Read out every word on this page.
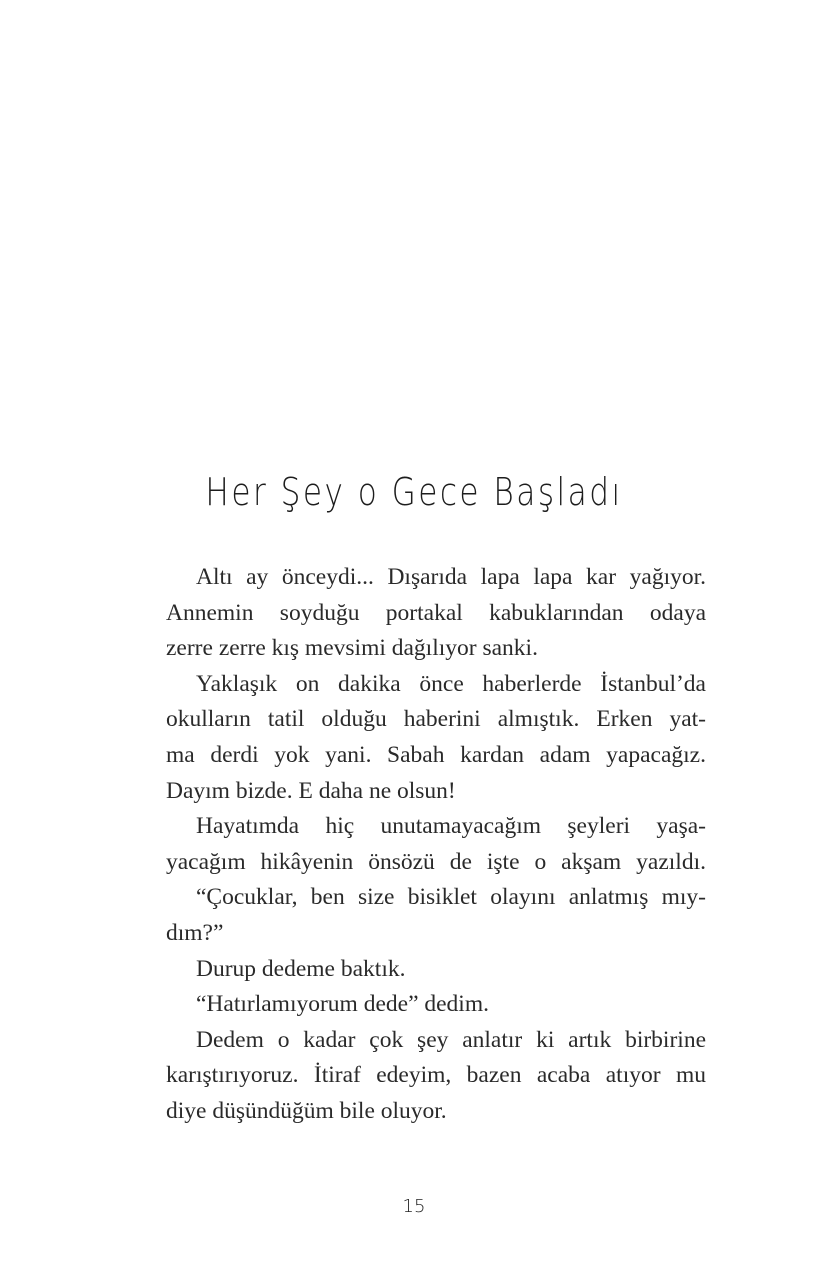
Her Şey o Gece Başladı
Altı ay önceydi... Dışarıda lapa lapa kar yağıyor.
Annemin soyduğu portakal kabuklarından odaya
zerre zerre kış mevsimi dağılıyor sanki.
Yaklaşık on dakika önce haberlerde İstanbul’da
okulların tatil olduğu haberini almıştık. Erken yat-
ma derdi yok yani. Sabah kardan adam yapacağız.
Dayım bizde. E daha ne olsun!
Hayatımda hiç unutamayacağım şeyleri yaşa-
yacağım hikâyenin önsözü de işte o akşam yazıldı.
“Çocuklar, ben size bisiklet olayını anlatmış mıy-
dım?”
Durup dedeme baktık.
“Hatırlamıyorum dede” dedim.
Dedem o kadar çok şey anlatır ki artık birbirine
karıştırıyoruz. İtiraf edeyim, bazen acaba atıyor mu
diye düşündüğüm bile oluyor.
15
